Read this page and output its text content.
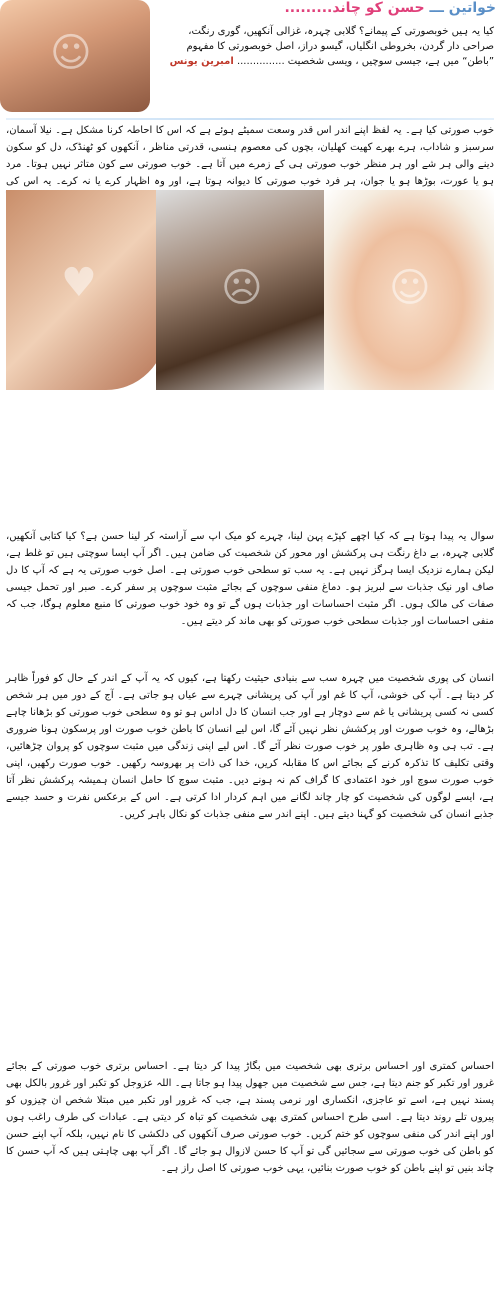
☺
خواتین ـــ حسن کو چاند.........
کیا یہ ہیں خوبصورتی کے پیمانے؟ گلابی چہرہ، غزالی آنکھیں، گوری رنگت، صراحی دار گردن، بخروطی انگلیاں، گیسو دراز، اصل خوبصورتی کا مفہوم ”باطن“ میں ہے، جیسی سوچیں ، ویسی شخصیت ............... امبرین یونس
خوب صورتی کیا ہے۔ یہ لفظ اپنے اندر اس قدر وسعت سمیٹے ہوئے ہے کہ اس کا احاطہ کرنا مشکل ہے۔ نیلا آسمان، سرسبز و شاداب، ہرے بھرے کھیت کھلیان، بچوں کی معصوم ہنسی، قدرتی مناظر ، آنکھوں کو ٹھنڈک، دل کو سکون دینے والی ہر شے اور ہر منظر خوب صورتی ہی کے زمرے میں آتا ہے۔ خوب صورتی سے کون متاثر نہیں ہوتا۔ مرد ہو یا عورت، بوڑھا ہو یا جوان، ہر فرد خوب صورتی کا دیوانہ ہوتا ہے، اور وہ اظہار کرے یا نہ کرے۔ یہ اس کی
♥	☹	☺
سوال یہ پیدا ہوتا ہے کہ کیا اچھے کپڑے پہن لینا، چہرے کو میک اپ سے آراستہ کر لینا حسن ہے؟ کیا کتابی آنکھیں، گلابی چہرہ، بے داغ رنگت ہی پرکشش اور محور کن شخصیت کی ضامن ہیں۔ اگر آپ ایسا سوچتی ہیں تو غلط ہے، لیکن ہمارے نزدیک ایسا ہرگز نہیں ہے۔ یہ سب تو سطحی خوب صورتی ہے۔ اصل خوب صورتی یہ ہے کہ آپ کا دل صاف اور نیک جذبات سے لبریز ہو۔ دماغ منفی سوچوں کے بجائے مثبت سوچوں پر سفر کرے۔ صبر اور تحمل جیسی صفات کی مالک ہوں۔ اگر مثبت احساسات اور جذبات ہوں گے تو وہ خود خوب صورتی کا منبع معلوم ہوگا، جب کہ منفی احساسات اور جذبات سطحی خوب صورتی کو بھی ماند کر دیتے ہیں۔
انسان کی پوری شخصیت میں چہرہ سب سے بنیادی حیثیت رکھتا ہے، کیوں کہ یہ آپ کے اندر کے حال کو فوراً ظاہر کر دیتا ہے۔ آپ کی خوشی، آپ کا غم اور آپ کی پریشانی چہرے سے عیاں ہو جاتی ہے۔ آج کے دور میں ہر شخص کسی نہ کسی پریشانی یا غم سے دوچار ہے اور جب انسان کا دل اداس ہو تو وہ سطحی خوب صورتی کو بڑھانا چاہے بڑھالے، وہ خوب صورت اور پرکشش نظر نہیں آئے گا، اس لیے انسان کا باطن خوب صورت اور پرسکون ہونا ضروری ہے۔ تب ہی وہ ظاہری طور پر خوب صورت نظر آئے گا۔ اس لیے اپنی زندگی میں مثبت سوچوں کو پروان چڑھائیں، وقتی تکلیف کا تذکرہ کرنے کے بجائے اس کا مقابلہ کریں، خدا کی ذات پر بھروسہ رکھیں۔ خوب صورت رکھیں، اپنی خوب صورت سوچ اور خود اعتمادی کا گراف کم نہ ہونے دیں۔ مثبت سوچ کا حامل انسان ہمیشہ پرکشش نظر آتا ہے، ایسے لوگوں کی شخصیت کو چار چاند لگانے میں اہم کردار ادا کرتی ہے۔ اس کے برعکس نفرت و حسد جیسے جذبے انسان کی شخصیت کو گہنا دیتے ہیں۔ اپنے اندر سے منفی جذبات کو نکال باہر کریں۔
احساس کمتری اور احساس برتری بھی شخصیت میں بگاڑ پیدا کر دیتا ہے۔ احساس برتری خوب صورتی کے بجائے غرور اور تکبر کو جنم دیتا ہے، جس سے شخصیت میں جھول پیدا ہو جاتا ہے۔ اللہ عزوجل کو تکبر اور غرور بالکل بھی پسند نہیں ہے، اسے تو عاجزی، انکساری اور نرمی پسند ہے، جب کہ غرور اور تکبر میں مبتلا شخص ان چیزوں کو پیروں تلے روند دیتا ہے۔ اسی طرح احساس کمتری بھی شخصیت کو تباہ کر دیتی ہے۔ عبادات کی طرف راغب ہوں اور اپنے اندر کی منفی سوچوں کو ختم کریں۔ خوب صورتی صرف آنکھوں کی دلکشی کا نام نہیں، بلکہ آپ اپنے حسن کو باطن کی خوب صورتی سے سجائیں گی تو آپ کا حسن لازوال ہو جائے گا۔ اگر آپ بھی چاہتی ہیں کہ آپ حسن کا چاند بنیں تو اپنے باطن کو خوب صورت بنائیں، یہی خوب صورتی کا اصل راز ہے۔
